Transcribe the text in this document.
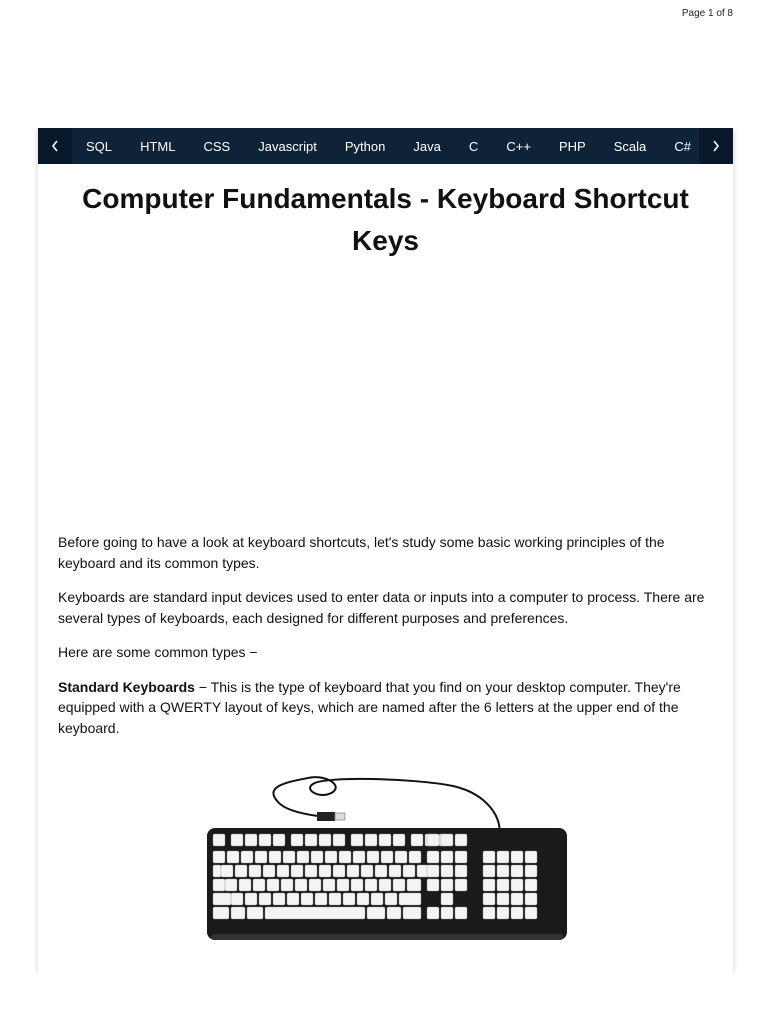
Page 1 of 8
SQL HTML CSS Javascript Python Java C C++ PHP Scala C#
Computer Fundamentals - Keyboard Shortcut Keys

Before going to have a look at keyboard shortcuts, let's study some basic working principles of the keyboard and its common types.

Keyboards are standard input devices used to enter data or inputs into a computer to process. There are several types of keyboards, each designed for different purposes and preferences.

Here are some common types −

Standard Keyboards − This is the type of keyboard that you find on your desktop computer. They're equipped with a QWERTY layout of keys, which are named after the 6 letters at the upper end of the keyboard.
